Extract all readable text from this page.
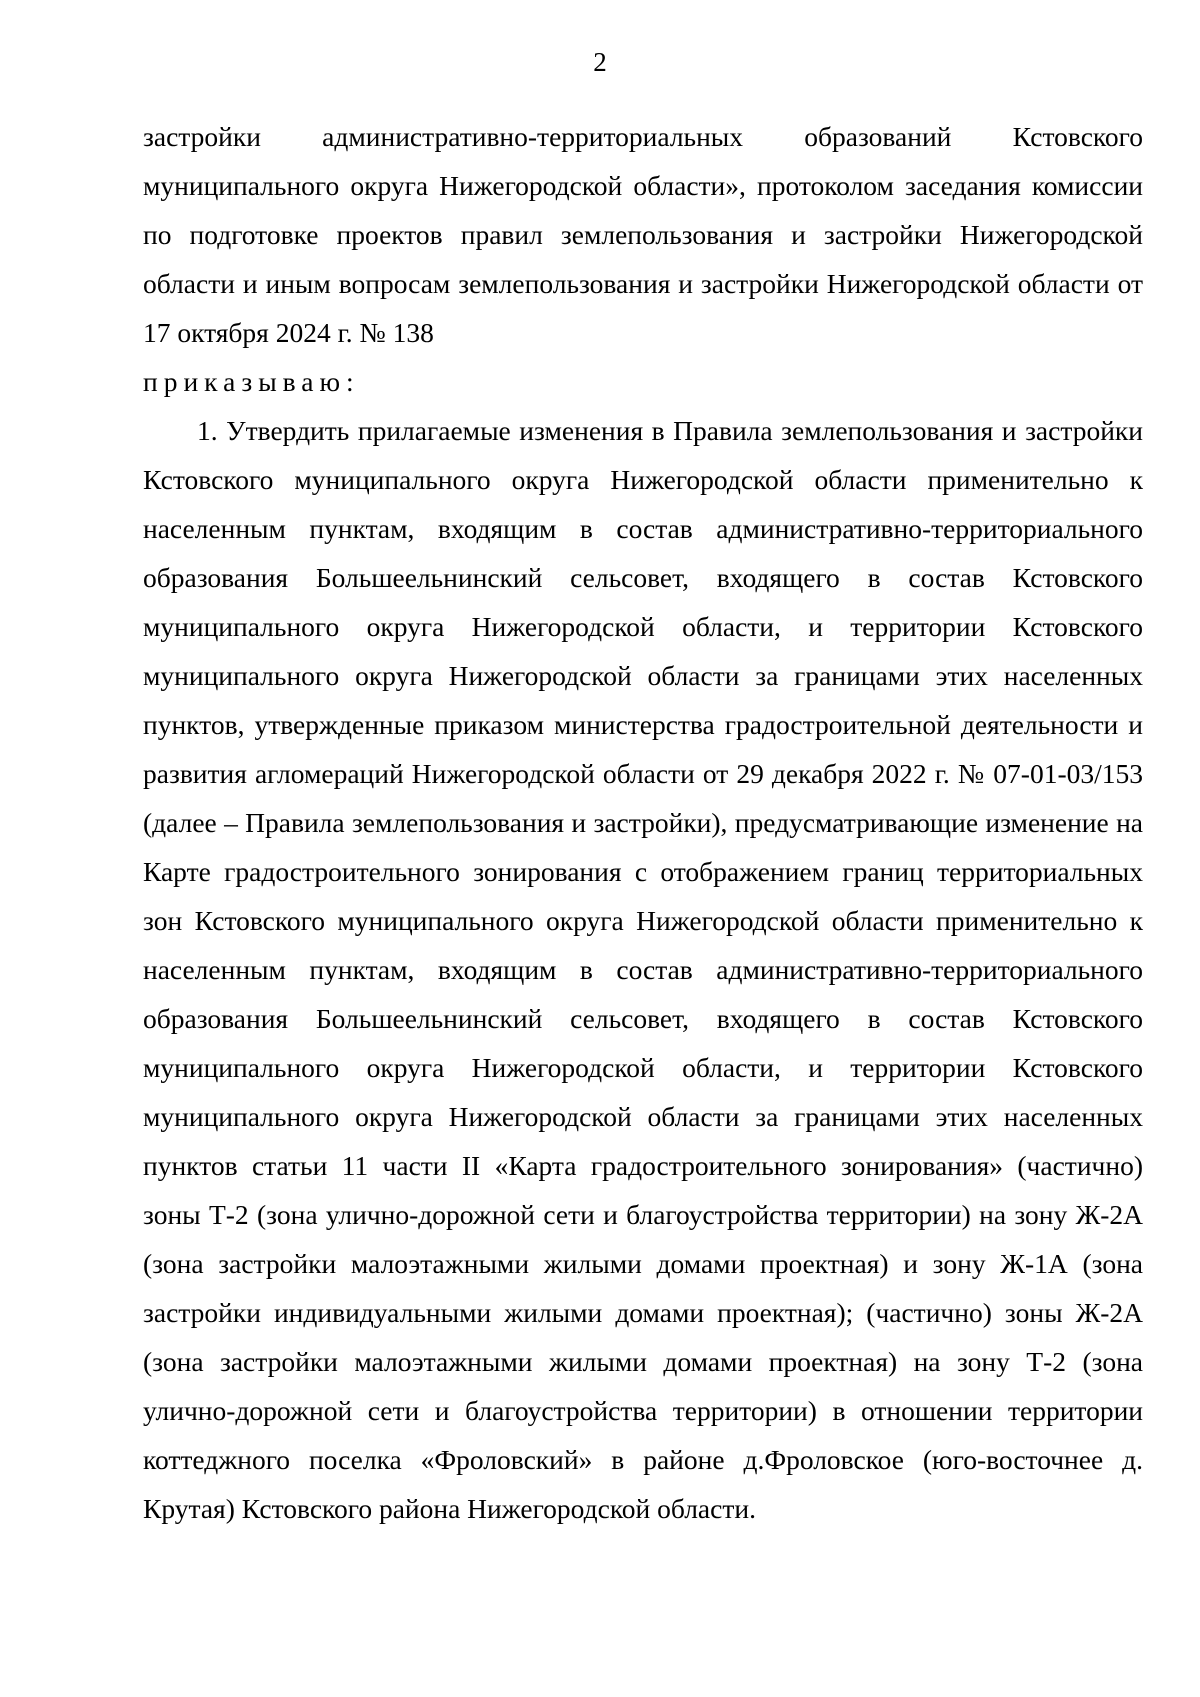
2

застройки административно-территориальных образований Кстовского муниципального округа Нижегородской области», протоколом заседания комиссии по подготовке проектов правил землепользования и застройки Нижегородской области и иным вопросам землепользования и застройки Нижегородской области от 17 октября 2024 г. № 138

приказываю:

1. Утвердить прилагаемые изменения в Правила землепользования и застройки Кстовского муниципального округа Нижегородской области применительно к населенным пунктам, входящим в состав административно-территориального образования Большеельнинский сельсовет, входящего в состав Кстовского муниципального округа Нижегородской области, и территории Кстовского муниципального округа Нижегородской области за границами этих населенных пунктов, утвержденные приказом министерства градостроительной деятельности и развития агломераций Нижегородской области от 29 декабря 2022 г. № 07-01-03/153 (далее – Правила землепользования и застройки), предусматривающие изменение на Карте градостроительного зонирования с отображением границ территориальных зон Кстовского муниципального округа Нижегородской области применительно к населенным пунктам, входящим в состав административно-территориального образования Большеельнинский сельсовет, входящего в состав Кстовского муниципального округа Нижегородской области, и территории Кстовского муниципального округа Нижегородской области за границами этих населенных пунктов статьи 11 части II «Карта градостроительного зонирования» (частично) зоны Т-2 (зона улично-дорожной сети и благоустройства территории) на зону Ж-2А (зона застройки малоэтажными жилыми домами проектная) и зону Ж-1А (зона застройки индивидуальными жилыми домами проектная); (частично) зоны Ж-2А (зона застройки малоэтажными жилыми домами проектная) на зону Т-2 (зона улично-дорожной сети и благоустройства территории) в отношении территории коттеджного поселка «Фроловский» в районе д.Фроловское (юго-восточнее д. Крутая) Кстовского района Нижегородской области.
